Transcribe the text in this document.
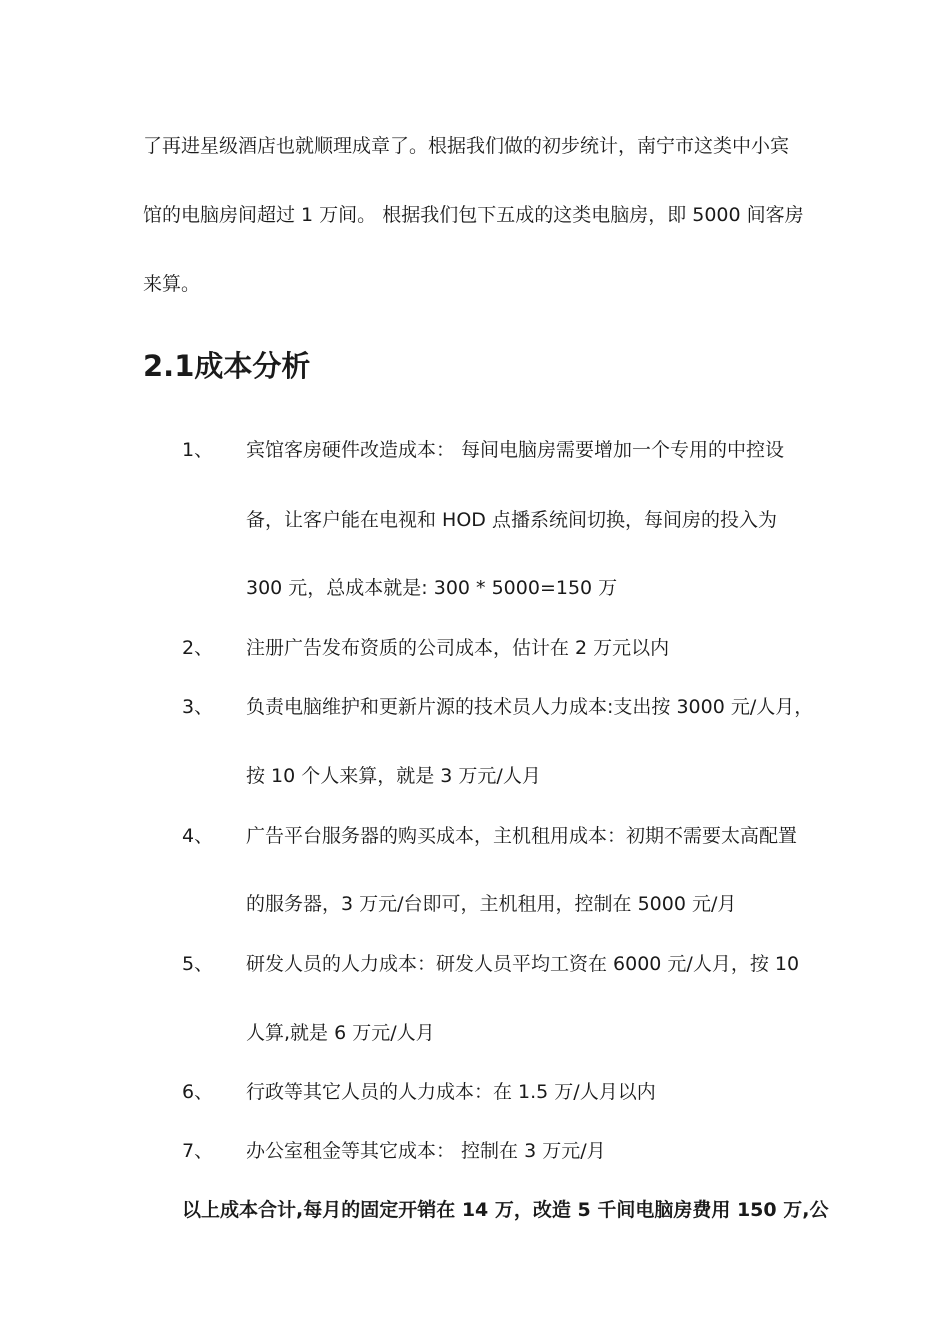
了再进星级酒店也就顺理成章了。根据我们做的初步统计，南宁市这类中小宾
馆的电脑房间超过 1 万间。 根据我们包下五成的这类电脑房，即 5000 间客房
来算。
2.1成本分析
1、 宾馆客房硬件改造成本： 每间电脑房需要增加一个专用的中控设
备，让客户能在电视和 HOD 点播系统间切换，每间房的投入为
300 元，总成本就是: 300 * 5000=150 万
2、 注册广告发布资质的公司成本，估计在 2 万元以内
3、 负责电脑维护和更新片源的技术员人力成本:支出按 3000 元/人月，
按 10 个人来算，就是 3 万元/人月
4、 广告平台服务器的购买成本，主机租用成本：初期不需要太高配置
的服务器，3 万元/台即可，主机租用，控制在 5000 元/月
5、 研发人员的人力成本：研发人员平均工资在 6000 元/人月，按 10
人算,就是 6 万元/人月
6、 行政等其它人员的人力成本：在 1.5 万/人月以内
7、 办公室租金等其它成本： 控制在 3 万元/月
以上成本合计,每月的固定开销在 14 万，改造 5 千间电脑房费用 150 万,公
